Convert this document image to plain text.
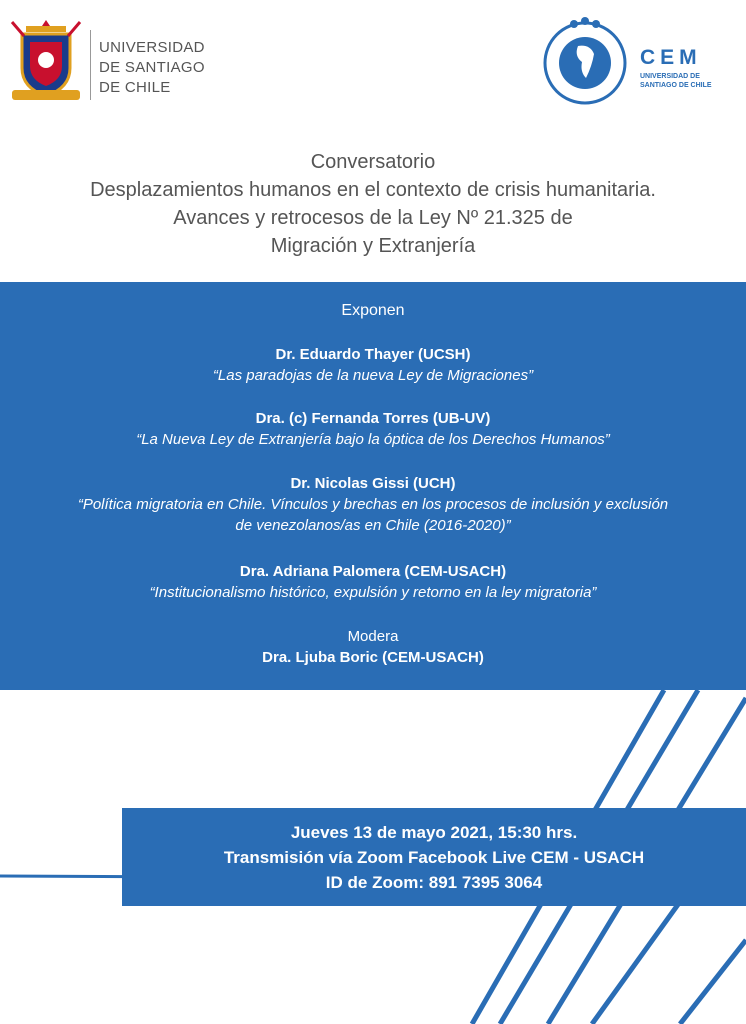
UNIVERSIDAD
DE SANTIAGO
DE CHILE
CEM
UNIVERSIDAD DE
SANTIAGO DE CHILE
Conversatorio
Desplazamientos humanos en el contexto de crisis humanitaria.
Avances y retrocesos de la Ley Nº 21.325 de
Migración y Extranjería
Exponen
Dr. Eduardo Thayer (UCSH)
“Las paradojas de la nueva Ley de Migraciones”
Dra. (c) Fernanda Torres (UB-UV)
“La Nueva Ley de Extranjería bajo la óptica de los Derechos Humanos”
Dr. Nicolas Gissi (UCH)
“Política migratoria en Chile. Vínculos y brechas en los procesos de inclusión y exclusión
de venezolanos/as en Chile (2016-2020)”
Dra. Adriana Palomera (CEM-USACH)
“Institucionalismo histórico, expulsión y retorno en la ley migratoria”
Modera
Dra. Ljuba Boric (CEM-USACH)
Jueves 13 de mayo 2021, 15:30 hrs.
Transmisión vía Zoom Facebook Live CEM - USACH
ID de Zoom: 891 7395 3064
